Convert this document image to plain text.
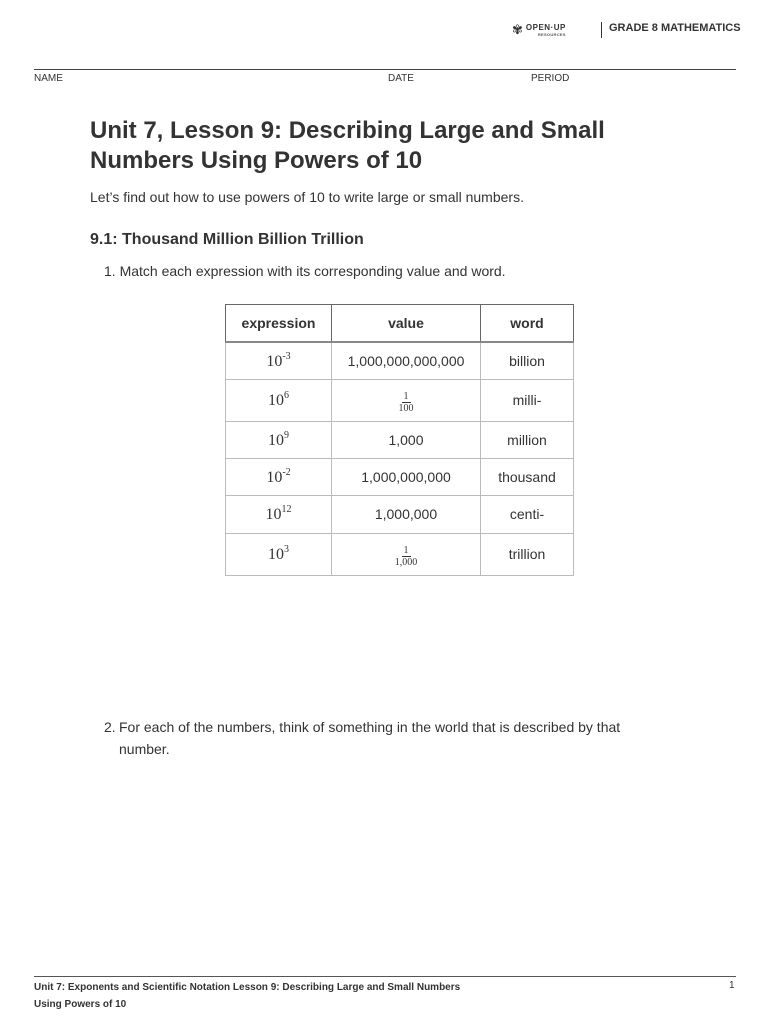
✾ OPEN·UP
RESOURCES	GRADE 8 MATHEMATICS
NAME	DATE	PERIOD
Unit 7, Lesson 9: Describing Large and Small Numbers Using Powers of 10
Let’s find out how to use powers of 10 to write large or small numbers.
9.1: Thousand Million Billion Trillion
1. Match each expression with its corresponding value and word.
expression	value	word
$10^{-3}$	1,000,000,000,000	billion
$10^6$	$\frac{1}{100}$	milli-
$10^9$	1,000	million
$10^{-2}$	1,000,000,000	thousand
$10^{12}$	1,000,000	centi-
$10^3$	$\frac{1}{1,000}$	trillion
2. For each of the numbers, think of something in the world that is described by that number.
Unit 7: Exponents and Scientific Notation Lesson 9: Describing Large and Small Numbers Using Powers of 10
1
